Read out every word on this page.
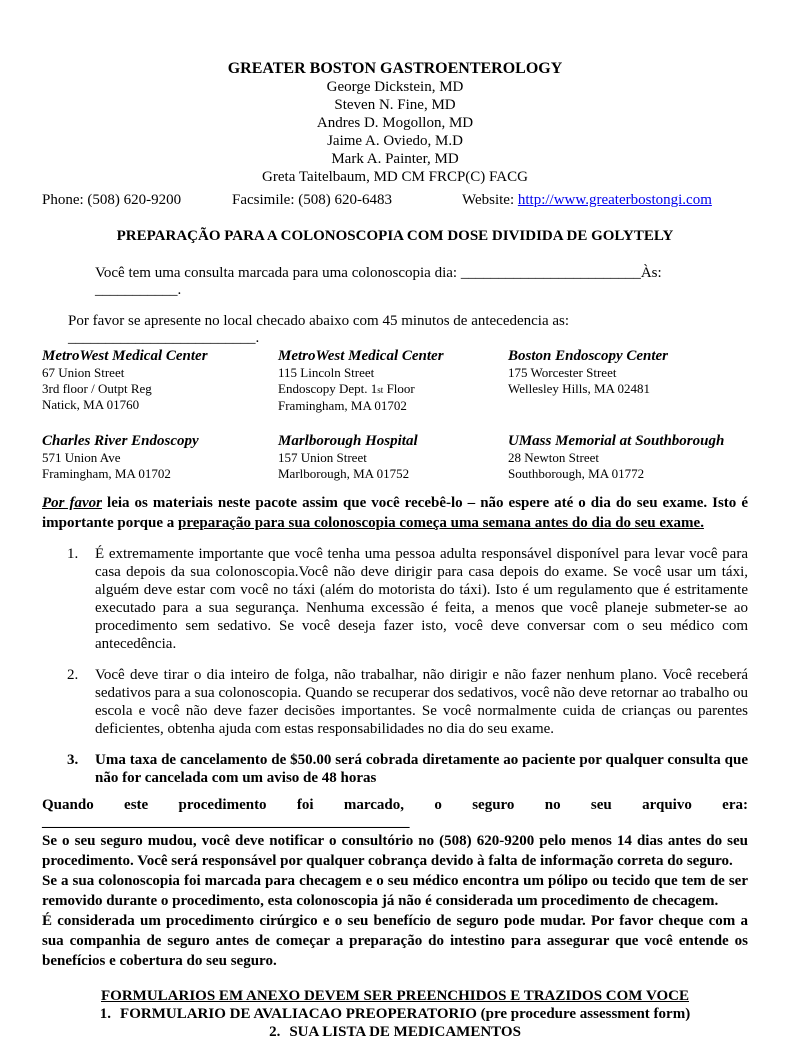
GREATER BOSTON GASTROENTEROLOGY
George Dickstein, MD
Steven N. Fine, MD
Andres D. Mogollon, MD
Jaime A. Oviedo, M.D
Mark A. Painter, MD
Greta Taitelbaum, MD CM FRCP(C) FACG
Phone: (508) 620-9200	Facsimile: (508) 620-6483	Website: http://www.greaterbostongi.com
PREPARAÇÃO PARA A COLONOSCOPIA COM DOSE DIVIDIDA DE GOLYTELY
Você tem uma consulta marcada para uma colonoscopia dia: ________________________Às: ___________.
Por favor se apresente no local checado abaixo com 45 minutos de antecedencia as: _________________________.
MetroWest Medical Center
67 Union Street
3rd floor / Outpt Reg
Natick, MA 01760
MetroWest Medical Center
115 Lincoln Street
Endoscopy Dept. 1st Floor
Framingham, MA 01702
Boston Endoscopy Center
175 Worcester Street
Wellesley Hills, MA 02481
Charles River Endoscopy
571 Union Ave
Framingham, MA 01702
Marlborough Hospital
157 Union Street
Marlborough, MA 01752
UMass Memorial at Southborough
28 Newton Street
Southborough, MA 01772
Por favor leia os materiais neste pacote assim que você recebê-lo – não espere até o dia do seu exame. Isto é importante porque a preparação para sua colonoscopia começa uma semana antes do dia do seu exame.
1. É extremamente importante que você tenha uma pessoa adulta responsável disponível para levar você para casa depois da sua colonoscopia.Você não deve dirigir para casa depois do exame. Se você usar um táxi, alguém deve estar com você no táxi (além do motorista do táxi). Isto é um regulamento que é estritamente executado para a sua segurança. Nenhuma excessão é feita, a menos que você planeje submeter-se ao procedimento sem sedativo. Se você deseja fazer isto, você deve conversar com o seu médico com antecedência.
2. Você deve tirar o dia inteiro de folga, não trabalhar, não dirigir e não fazer nenhum plano. Você receberá sedativos para a sua colonoscopia. Quando se recuperar dos sedativos, você não deve retornar ao trabalho ou escola e você não deve fazer decisões importantes. Se você normalmente cuida de crianças ou parentes deficientes, obtenha ajuda com estas responsabilidades no dia do seu exame.
3. Uma taxa de cancelamento de $50.00 será cobrada diretamente ao paciente por qualquer consulta que não for cancelada com um aviso de 48 horas
Quando este procedimento foi marcado, o seguro no seu arquivo era:
_________________________________________________

Se o seu seguro mudou, você deve notificar o consultório no (508) 620-9200 pelo menos 14 dias antes do seu procedimento. Você será responsável por qualquer cobrança devido à falta de informação correta do seguro.

Se a sua colonoscopia foi marcada para checagem e o seu médico encontra um pólipo ou tecido que tem de ser removido durante o procedimento, esta colonoscopia já não é considerada um procedimento de checagem.

É considerada um procedimento cirúrgico e o seu benefício de seguro pode mudar. Por favor cheque com a sua companhia de seguro antes de começar a preparação do intestino para assegurar que você entende os benefícios e cobertura do seu seguro.

FORMULARIOS EM ANEXO DEVEM SER PREENCHIDOS E TRAZIDOS COM VOCE
1. FORMULARIO DE AVALIACAO PREOPERATORIO (pre procedure assessment form)
2. SUA LISTA DE MEDICAMENTOS
